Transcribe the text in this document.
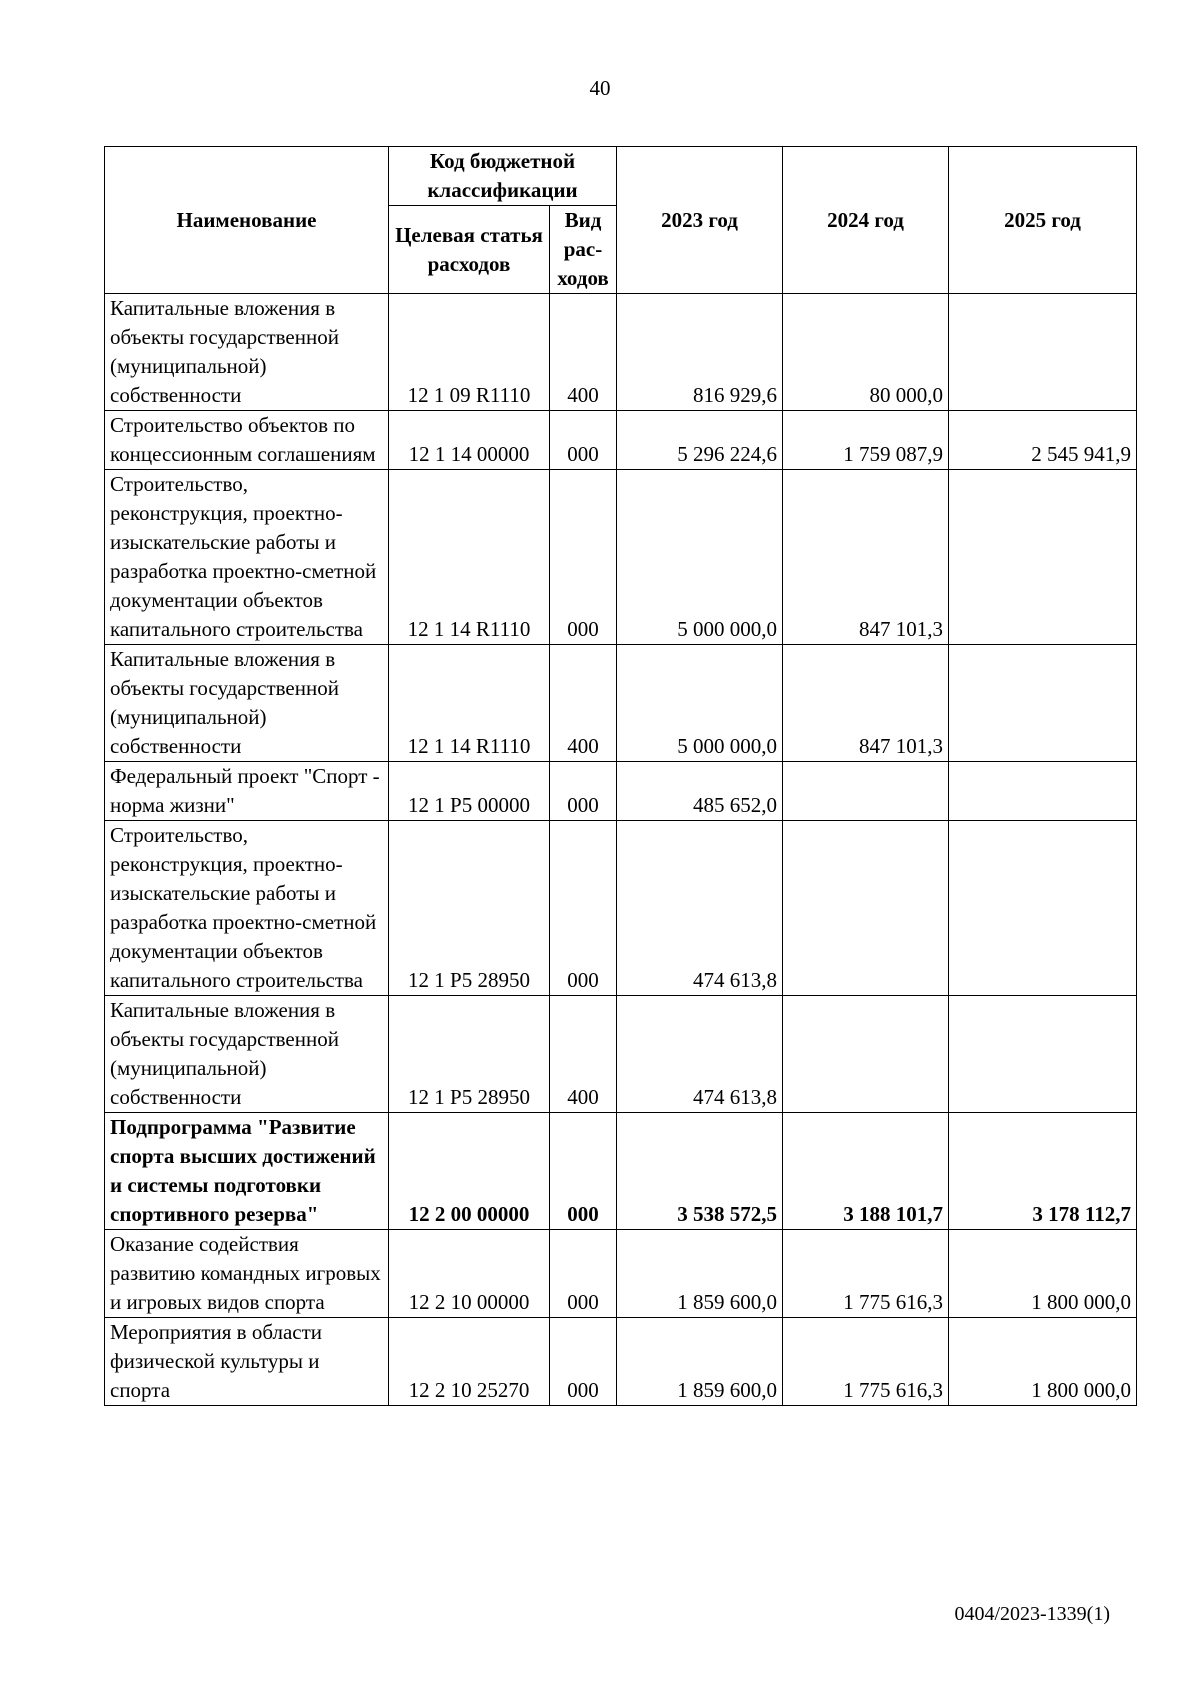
40
Наименование	Код бюджетной классификации		2023 год	2024 год	2025 год
	Целевая статья расходов	Вид рас-ходов			
Капитальные вложения в объекты государственной (муниципальной) собственности	12 1 09 R1110	400	816 929,6	80 000,0	
Строительство объектов по концессионным соглашениям	12 1 14 00000	000	5 296 224,6	1 759 087,9	2 545 941,9
Строительство, реконструкция, проектно-изыскательские работы и разработка проектно-сметной документации объектов капитального строительства	12 1 14 R1110	000	5 000 000,0	847 101,3	
Капитальные вложения в объекты государственной (муниципальной) собственности	12 1 14 R1110	400	5 000 000,0	847 101,3	
Федеральный проект "Спорт - норма жизни"	12 1 P5 00000	000	485 652,0		
Строительство, реконструкция, проектно-изыскательские работы и разработка проектно-сметной документации объектов капитального строительства	12 1 P5 28950	000	474 613,8		
Капитальные вложения в объекты государственной (муниципальной) собственности	12 1 P5 28950	400	474 613,8		
Подпрограмма "Развитие спорта высших достижений и системы подготовки спортивного резерва"	12 2 00 00000	000	3 538 572,5	3 188 101,7	3 178 112,7
Оказание содействия развитию командных игровых и игровых видов спорта	12 2 10 00000	000	1 859 600,0	1 775 616,3	1 800 000,0
Мероприятия в области физической культуры и спорта	12 2 10 25270	000	1 859 600,0	1 775 616,3	1 800 000,0
0404/2023-1339(1)
